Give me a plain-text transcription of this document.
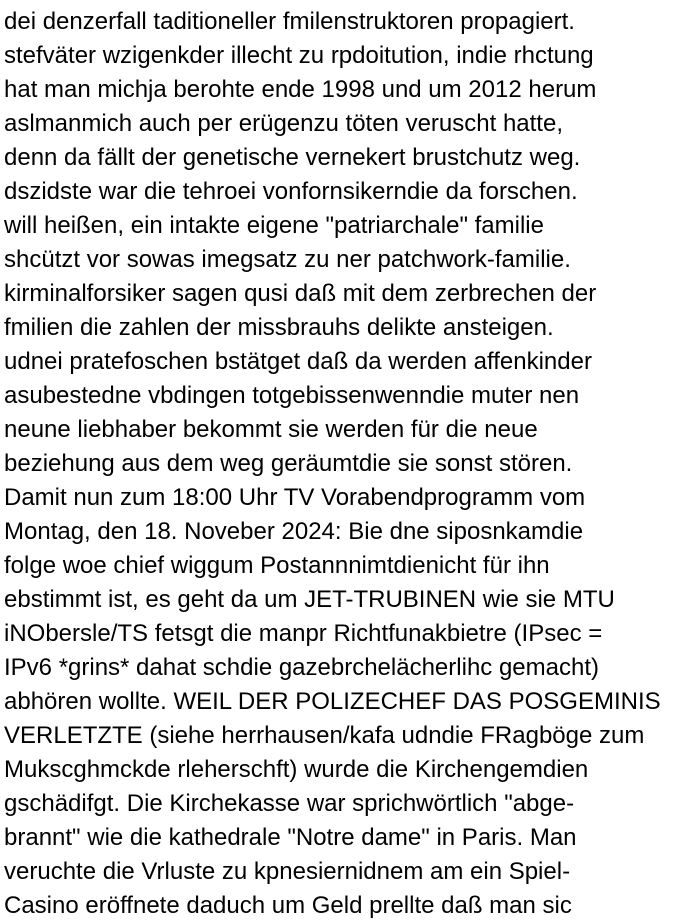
dei denzerfall taditioneller fmilenstruktoren propagiert.
stefväter wzigenkder illecht zu rpdoitution, indie rhctung
hat man michja berohte ende 1998 und um 2012 herum
aslmanmich auch per erügenzu töten veruscht hatte,
denn da fällt der genetische vernekert brustchutz weg.
dszidste war die tehroei vonfornsikerndie da forschen.
will heißen, ein intakte eigene "patriarchale" familie
shcützt vor sowas imegsatz zu ner patchwork-familie.
kirminalforsiker sagen qusi daß mit dem zerbrechen der
fmilien die zahlen der missbrauhs delikte ansteigen.
udnei pratefoschen bstätget daß da werden affenkinder
asubestedne vbdingen totgebissenwenndie muter nen
neune liebhaber bekommt sie werden für die neue
beziehung aus dem weg geräumtdie sie sonst stören.
Damit nun zum 18:00 Uhr TV Vorabendprogramm vom
Montag, den 18. Noveber 2024: Bie dne siposnkamdie
folge woe chief wiggum Postannnimtdienicht für ihn
ebstimmt ist, es geht da um JET-TRUBINEN wie sie MTU
iNObersle/TS fetsgt die manpr Richtfunakbietre (IPsec =
IPv6 *grins* dahat schdie gazebrchelächerlihc gemacht)
abhören wollte. WEIL DER POLIZECHEF DAS POSGEMINIS
VERLETZTE (siehe herrhausen/kafa udndie FRagböge zum
Mukscghmckde rleherschft) wurde die Kirchengemdien
gschädifgt. Die Kirchekasse war sprichwörtlich "abge-
brannt" wie die kathedrale "Notre dame" in Paris. Man
veruchte die Vrluste zu kpnesiernidnem am ein Spiel-
Casino eröffnete daduch um Geld prellte daß man sic
